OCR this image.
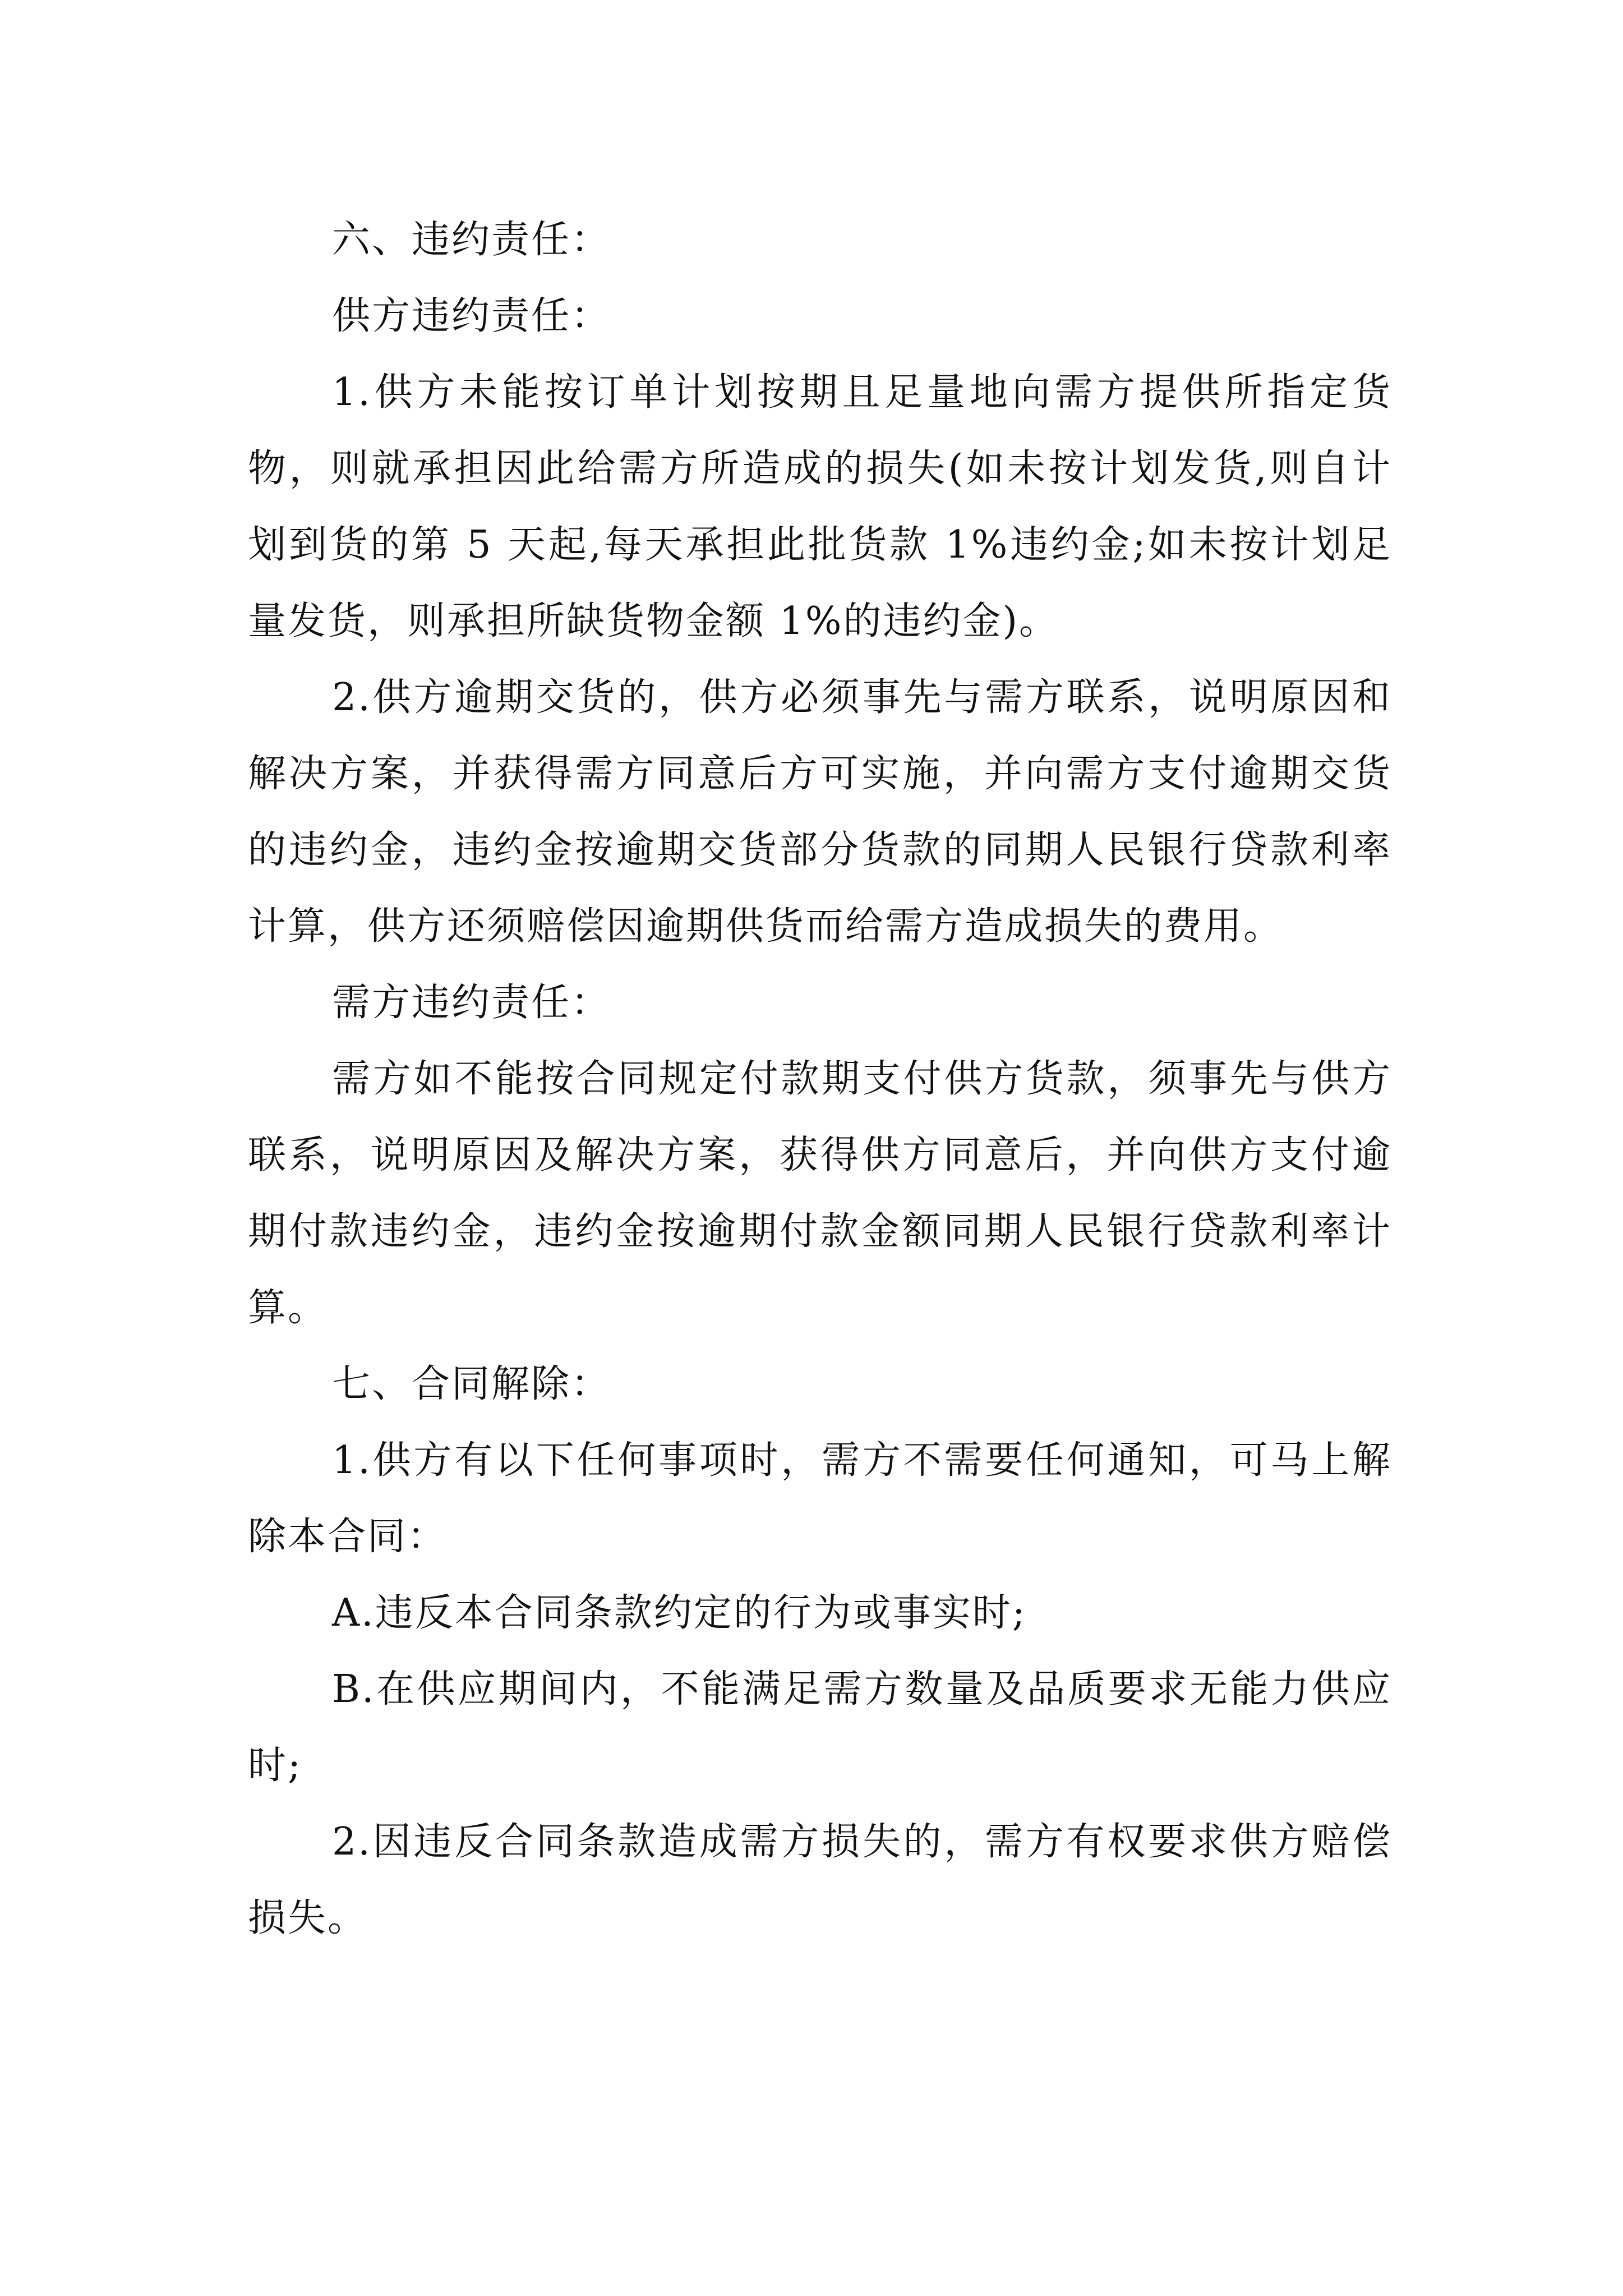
六、违约责任：

供方违约责任：

1.供方未能按订单计划按期且足量地向需方提供所指定货物，则就承担因此给需方所造成的损失(如未按计划发货,则自计划到货的第 5 天起,每天承担此批货款 1%违约金;如未按计划足量发货，则承担所缺货物金额 1%的违约金)。

2.供方逾期交货的，供方必须事先与需方联系，说明原因和解决方案，并获得需方同意后方可实施，并向需方支付逾期交货的违约金，违约金按逾期交货部分货款的同期人民银行贷款利率计算，供方还须赔偿因逾期供货而给需方造成损失的费用。

需方违约责任：

需方如不能按合同规定付款期支付供方货款，须事先与供方联系，说明原因及解决方案，获得供方同意后，并向供方支付逾期付款违约金，违约金按逾期付款金额同期人民银行贷款利率计算。

七、合同解除：

1.供方有以下任何事项时，需方不需要任何通知，可马上解除本合同：

A.违反本合同条款约定的行为或事实时;

B.在供应期间内，不能满足需方数量及品质要求无能力供应时;

2.因违反合同条款造成需方损失的，需方有权要求供方赔偿损失。
